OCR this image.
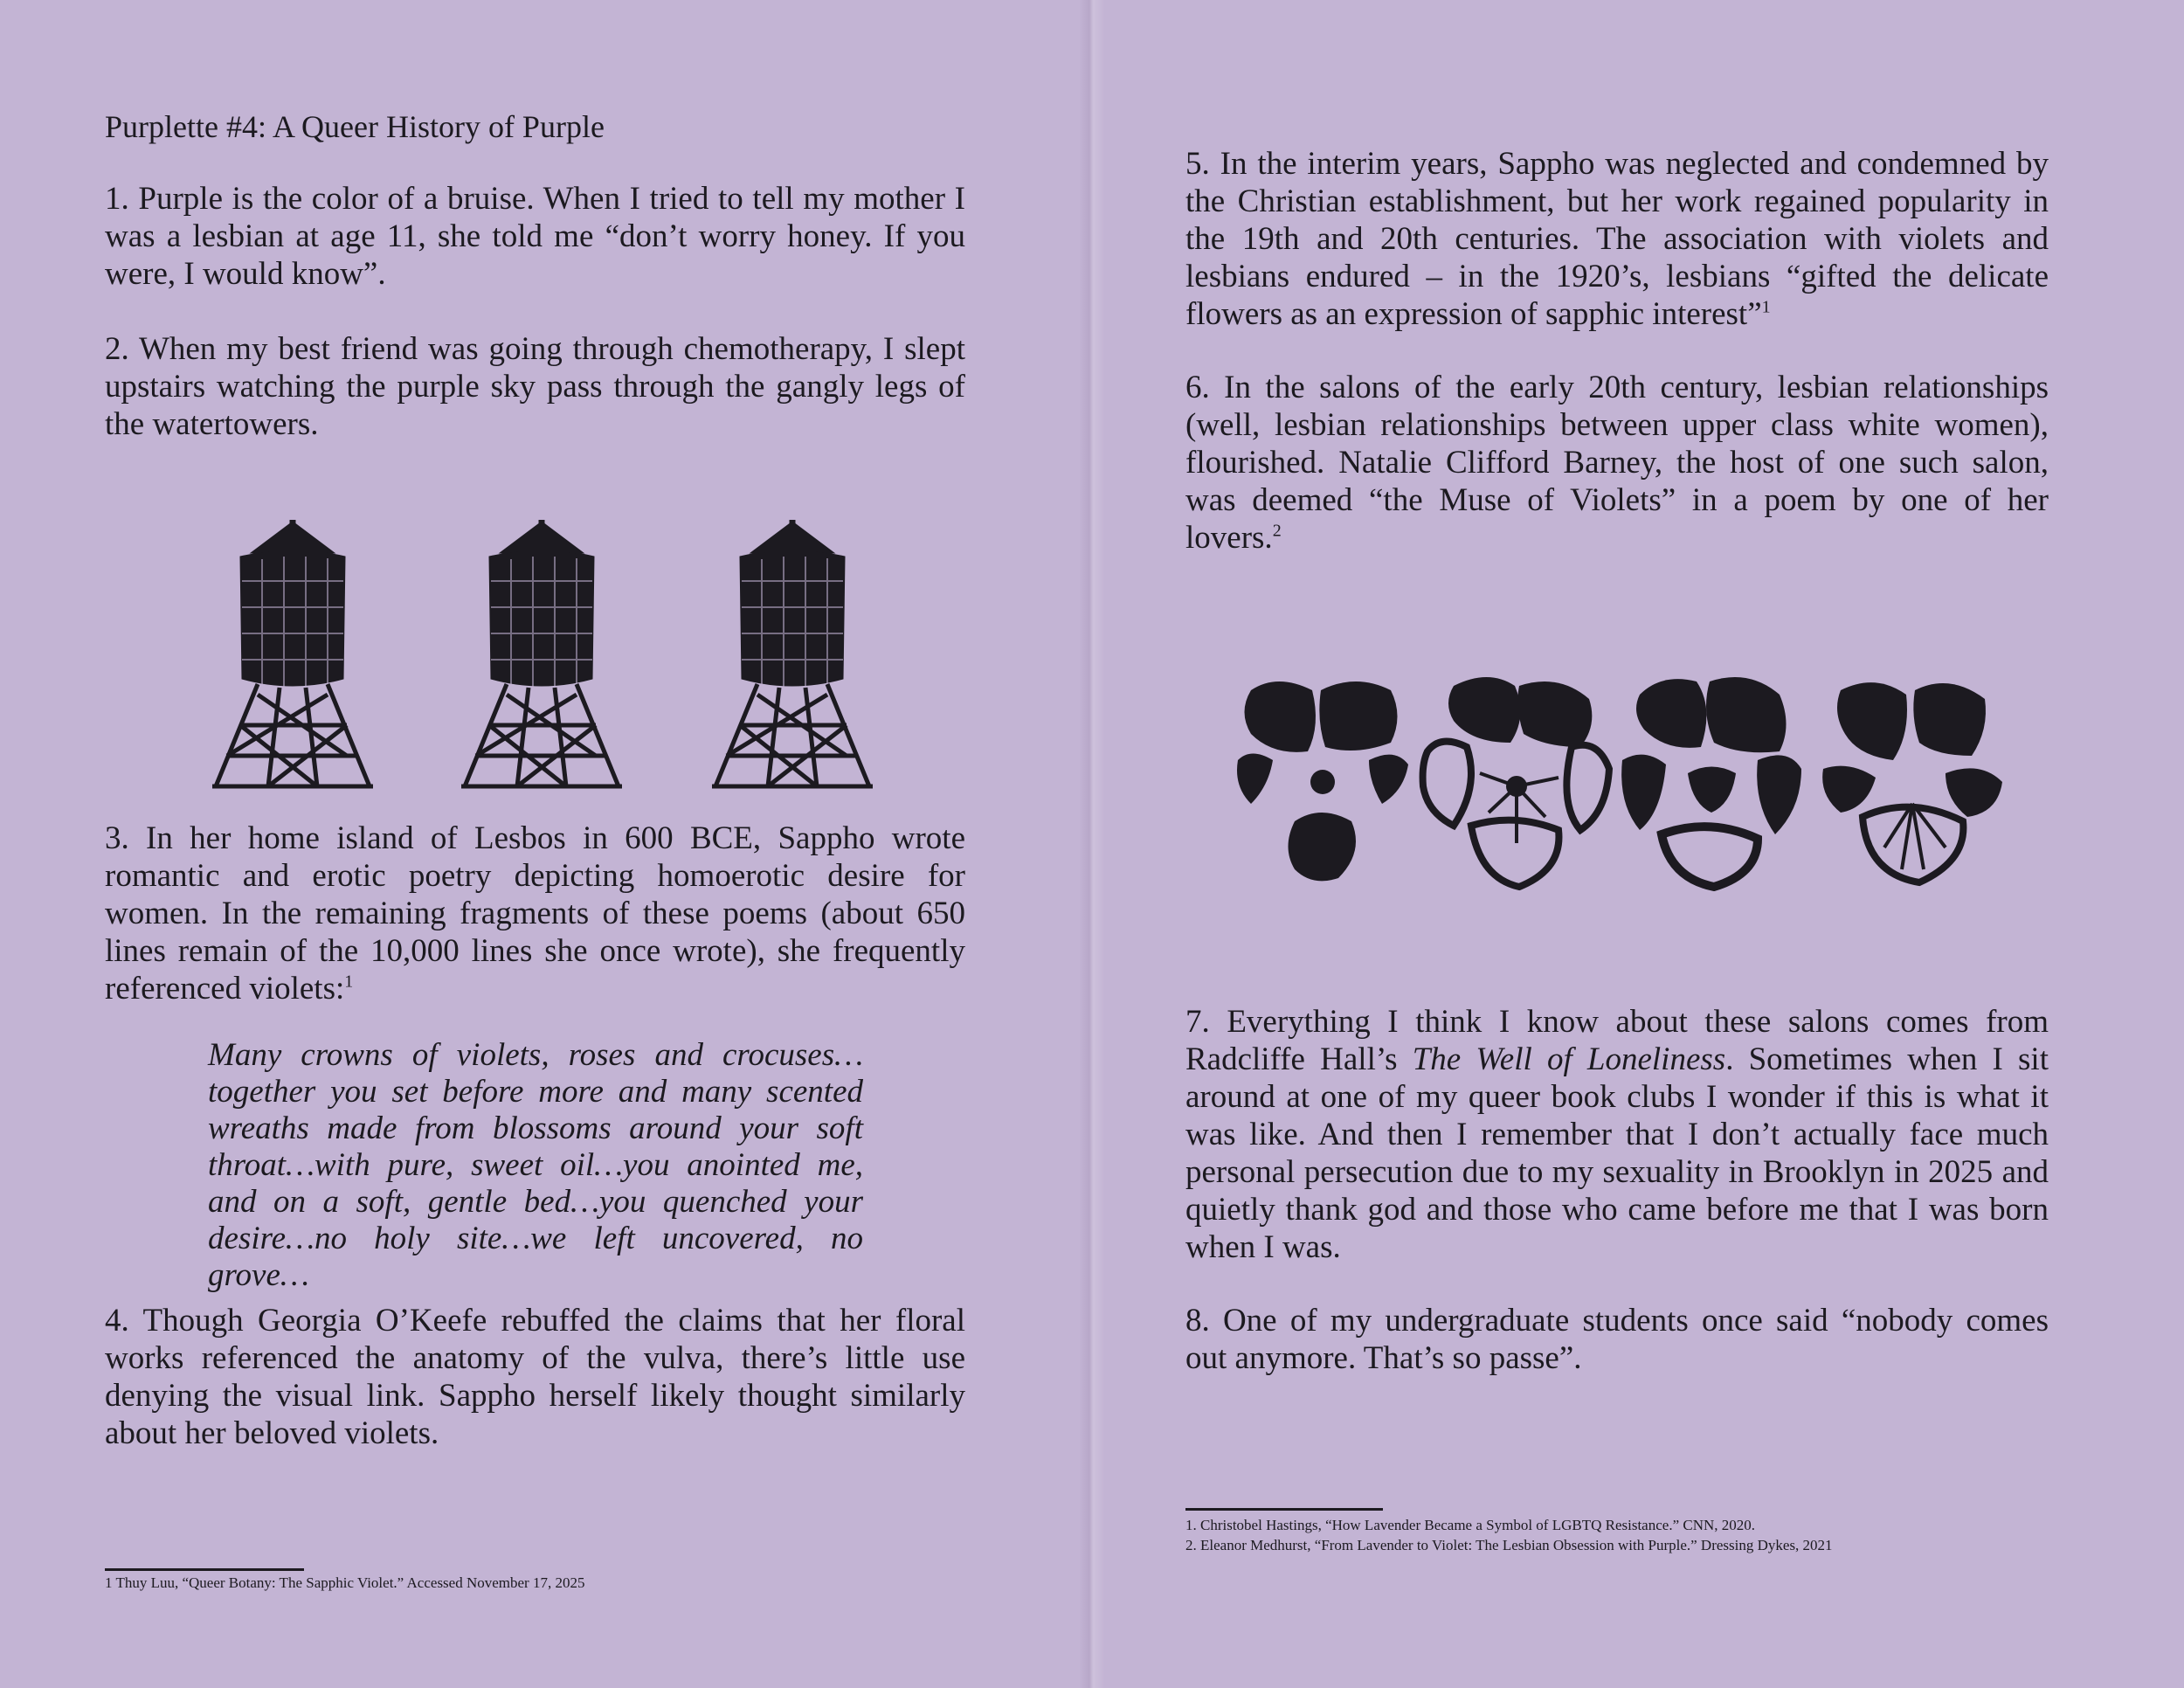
Purplette #4: A Queer History of Purple

1. Purple is the color of a bruise. When I tried to tell my mother I was a lesbian at age 11, she told me “don’t worry honey. If you were, I would know”.

2. When my best friend was going through chemotherapy, I slept upstairs watching the purple sky pass through the gangly legs of the watertowers.

3. In her home island of Lesbos in 600 BCE, Sappho wrote romantic and erotic poetry depicting homoerotic desire for women. In the remaining fragments of these poems (about 650 lines remain of the 10,000 lines she once wrote), she frequently referenced violets:$^1$

Many crowns of violets, roses and crocuses… together you set before more and many scented wreaths made from blossoms around your soft throat…with pure, sweet oil…you anointed me, and on a soft, gentle bed…you quenched your desire…no holy site…we left uncovered, no grove…

4. Though Georgia O’Keefe rebuffed the claims that her floral works referenced the anatomy of the vulva, there’s little use denying the visual link. Sappho herself likely thought similarly about her beloved violets.

1 Thuy Luu, “Queer Botany: The Sapphic Violet.” Accessed November 17, 2025

5. In the interim years, Sappho was neglected and condemned by the Christian establishment, but her work regained popularity in the 19th and 20th centuries. The association with violets and lesbians endured – in the 1920’s, lesbians “gifted the delicate flowers as an expression of sapphic interest”$^1$

6. In the salons of the early 20th century, lesbian relationships (well, lesbian relationships between upper class white women), flourished. Natalie Clifford Barney, the host of one such salon, was deemed “the Muse of Violets” in a poem by one of her lovers.$^2$

7. Everything I think I know about these salons comes from Radcliffe Hall’s The Well of Loneliness. Sometimes when I sit around at one of my queer book clubs I wonder if this is what it was like. And then I remember that I don’t actually face much personal persecution due to my sexuality in Brooklyn in 2025 and quietly thank god and those who came before me that I was born when I was.

8. One of my undergraduate students once said “nobody comes out anymore. That’s so passe”.

1. Christobel Hastings, “How Lavender Became a Symbol of LGBTQ Resistance.” CNN, 2020.

2. Eleanor Medhurst, “From Lavender to Violet: The Lesbian Obsession with Purple.” Dressing Dykes, 2021
